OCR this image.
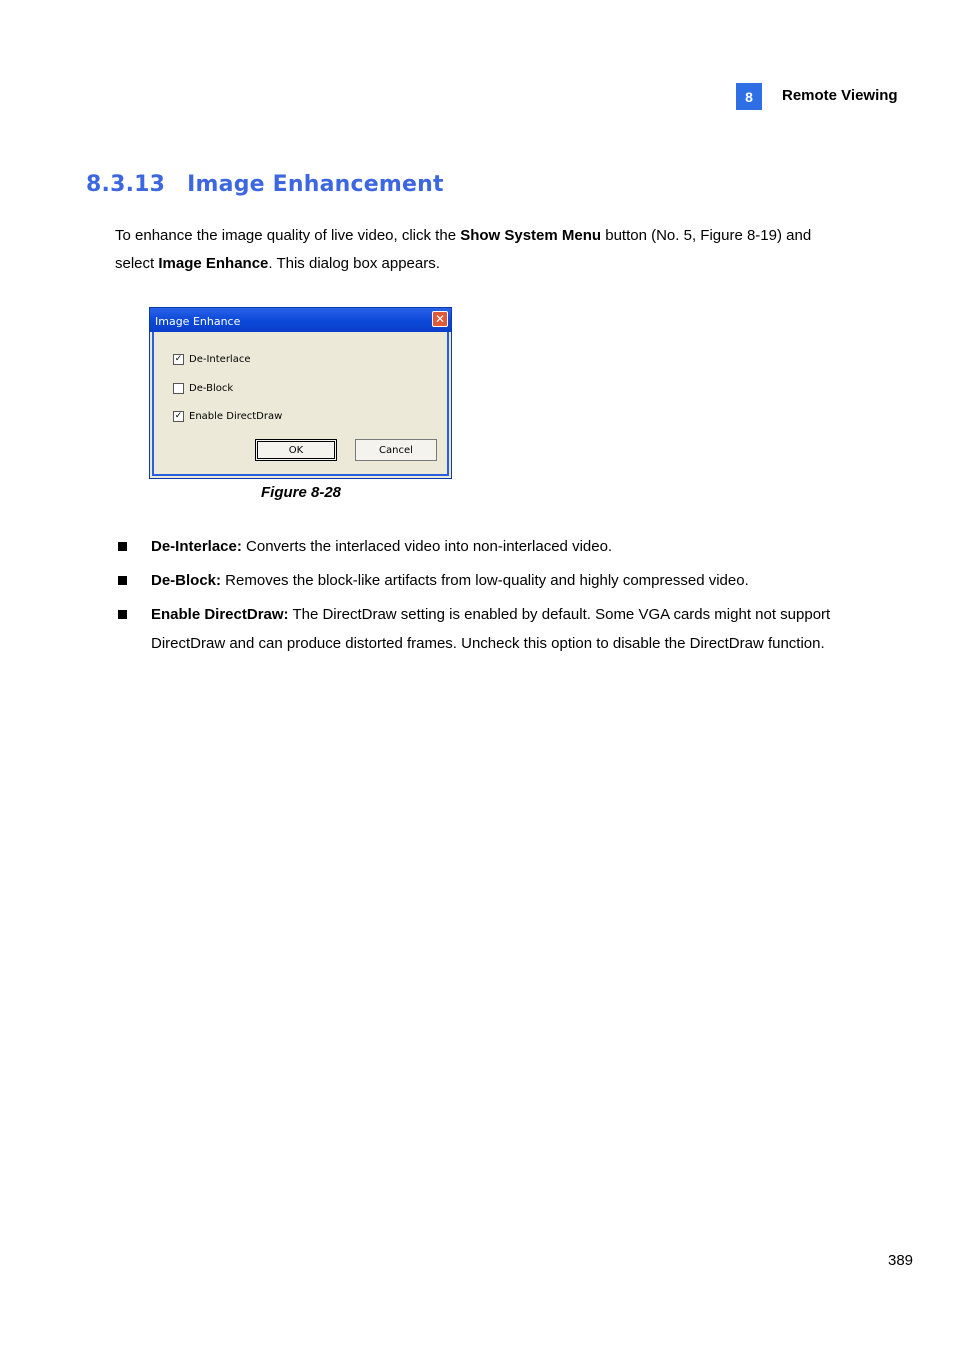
8	Remote Viewing
8.3.13 Image Enhancement

To enhance the image quality of live video, click the Show System Menu button (No. 5, Figure 8-19) and select Image Enhance. This dialog box appears.

Image Enhance	✕
✓ De-Interlace
De-Block
✓ Enable DirectDraw
OK	Cancel
Figure 8-28
De-Interlace: Converts the interlaced video into non-interlaced video.
De-Block: Removes the block-like artifacts from low-quality and highly compressed video.
Enable DirectDraw: The DirectDraw setting is enabled by default. Some VGA cards might not support DirectDraw and can produce distorted frames. Uncheck this option to disable the DirectDraw function.
389
